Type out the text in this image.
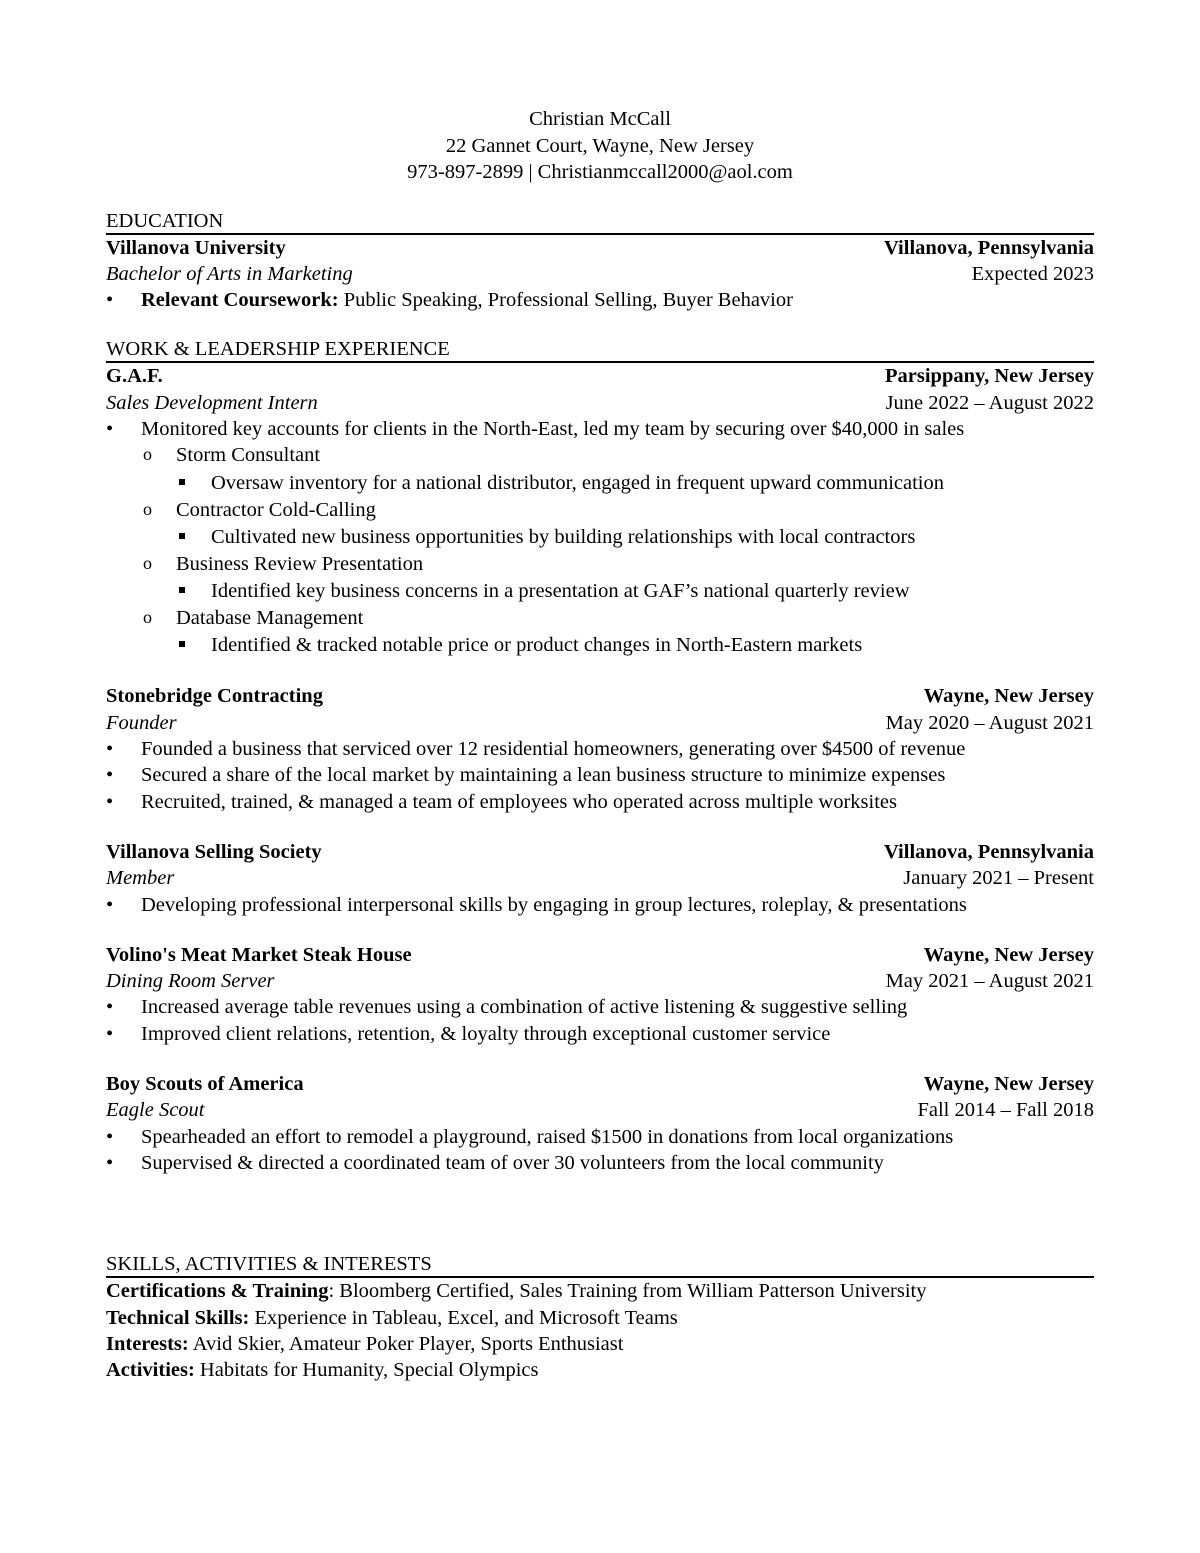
Christian McCall
22 Gannet Court, Wayne, New Jersey
973-897-2899 | Christianmccall2000@aol.com
EDUCATION
Villanova University	Villanova, Pennsylvania
Bachelor of Arts in Marketing	Expected 2023
• Relevant Coursework: Public Speaking, Professional Selling, Buyer Behavior
WORK & LEADERSHIP EXPERIENCE
G.A.F.	Parsippany, New Jersey
Sales Development Intern	June 2022 – August 2022
• Monitored key accounts for clients in the North-East, led my team by securing over $40,000 in sales
o Storm Consultant
Oversaw inventory for a national distributor, engaged in frequent upward communication
o Contractor Cold-Calling
Cultivated new business opportunities by building relationships with local contractors
o Business Review Presentation
Identified key business concerns in a presentation at GAF’s national quarterly review
o Database Management
Identified & tracked notable price or product changes in North-Eastern markets
Stonebridge Contracting	Wayne, New Jersey
Founder	May 2020 – August 2021
• Founded a business that serviced over 12 residential homeowners, generating over $4500 of revenue
• Secured a share of the local market by maintaining a lean business structure to minimize expenses
• Recruited, trained, & managed a team of employees who operated across multiple worksites
Villanova Selling Society	Villanova, Pennsylvania
Member	January 2021 – Present
• Developing professional interpersonal skills by engaging in group lectures, roleplay, & presentations
Volino's Meat Market Steak House	Wayne, New Jersey
Dining Room Server	May 2021 – August 2021
• Increased average table revenues using a combination of active listening & suggestive selling
• Improved client relations, retention, & loyalty through exceptional customer service
Boy Scouts of America	Wayne, New Jersey
Eagle Scout	Fall 2014 – Fall 2018
• Spearheaded an effort to remodel a playground, raised $1500 in donations from local organizations
• Supervised & directed a coordinated team of over 30 volunteers from the local community
SKILLS, ACTIVITIES & INTERESTS
Certifications & Training: Bloomberg Certified, Sales Training from William Patterson University
Technical Skills: Experience in Tableau, Excel, and Microsoft Teams
Interests: Avid Skier, Amateur Poker Player, Sports Enthusiast
Activities: Habitats for Humanity, Special Olympics
